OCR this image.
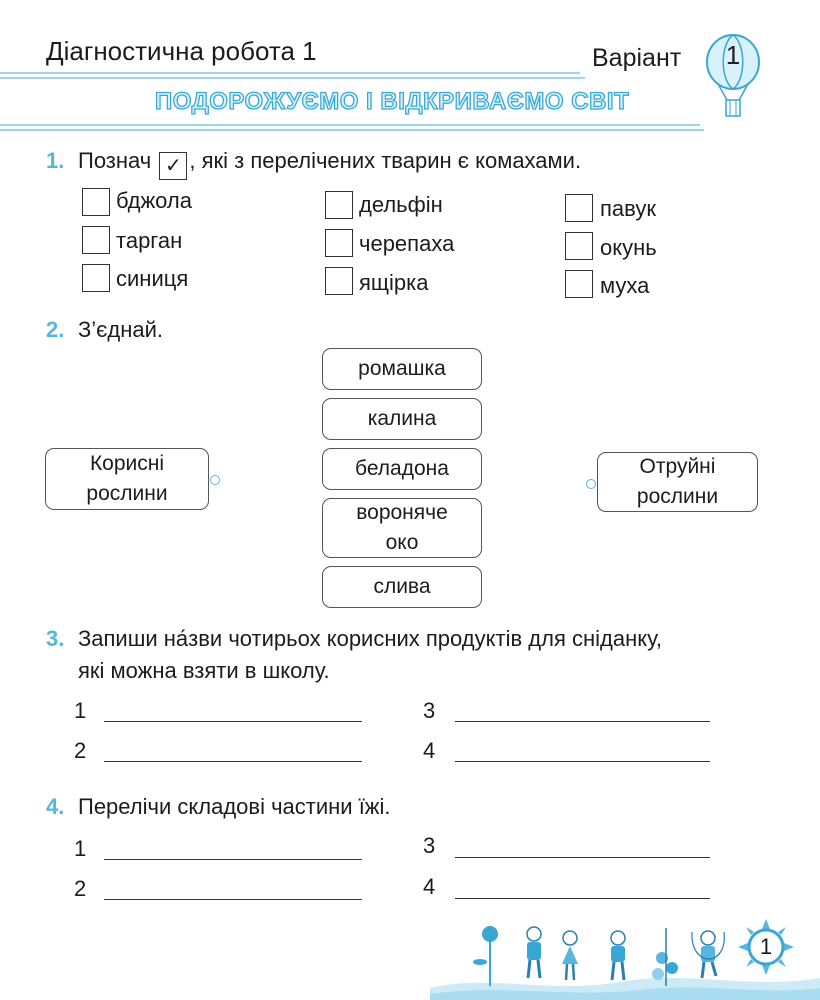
Діагностична робота 1	Варіант	1
ПОДОРОЖУЄМО І ВІДКРИВАЄМО СВІТ
1. Познач ✓ , які з перелічених тварин є комахами.
бджола
тарган
синиця
дельфін
черепаха
ящірка
павук
окунь
муха
2. З’єднай.
Корисні
рослини
Отруйні
рослини
ромашка
калина
беладона
вороняче
око
слива
3. Запиши на́зви чотирьох корисних продуктів для сніданку,
які можна взяти в школу.
1
2
3
4
4. Перелічи складові частини їжі.
1
2
3
4
1
